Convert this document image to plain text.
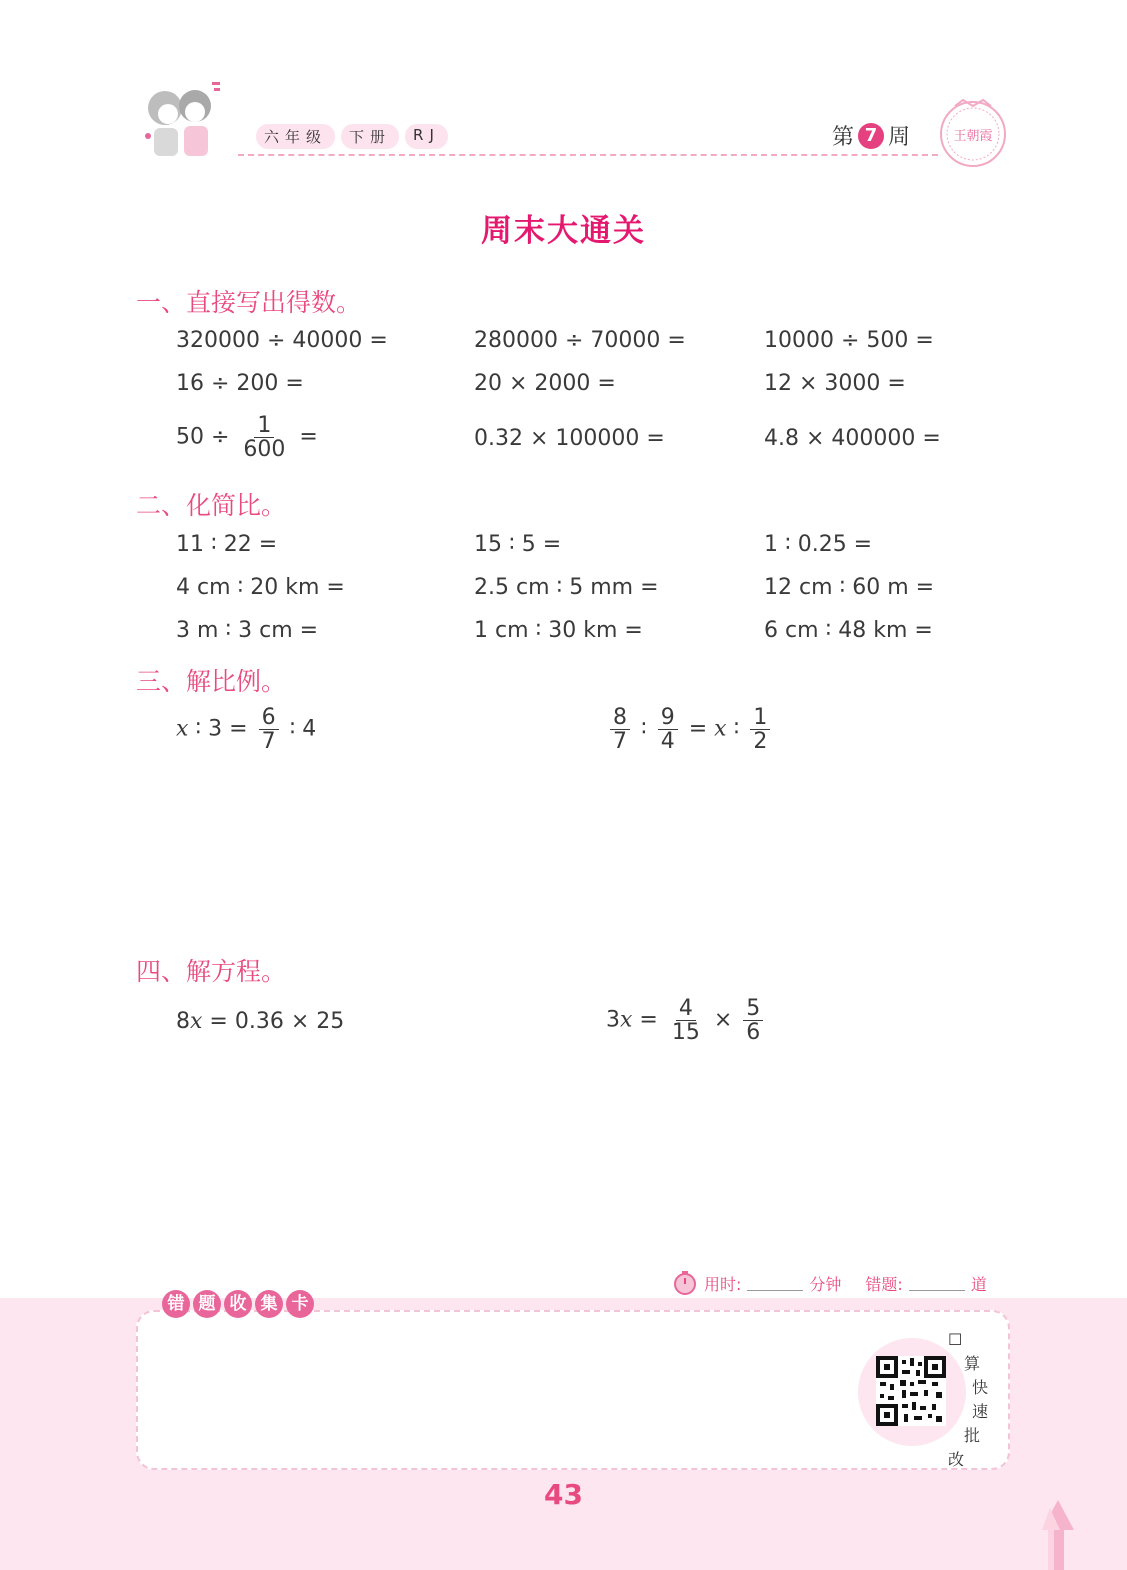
六年级	下册	RJ	第 7 周	王朝霞
周末大通关
一、直接写出得数。
320000 ÷ 40000 =	280000 ÷ 70000 =	10000 ÷ 500 =
16 ÷ 200 =	20 × 2000 =	12 × 3000 =
$50 \div \frac{1}{600}$ =	0.32 × 100000 =	4.8 × 400000 =
二、化简比。
11 ∶ 22 =	15 ∶ 5 =	1 ∶ 0.25 =
4 cm ∶ 20 km =	2.5 cm ∶ 5 mm =	12 cm ∶ 60 m =
3 m ∶ 3 cm =	1 cm ∶ 30 km =	6 cm ∶ 48 km =
三、解比例。
x ∶ $3 = \frac{6}{7}$ ∶ 4	$\frac{8}{7}$ ∶ $\frac{9}{4} = x$ ∶ $\frac{1}{2}$
四、解方程。
8x = 0.36 × 25	$3x = \frac{4}{15} \times \frac{5}{6}$
用时:	分钟 错题:	道
错 题 收 集 卡
☐
算
快
速
批
改
43
